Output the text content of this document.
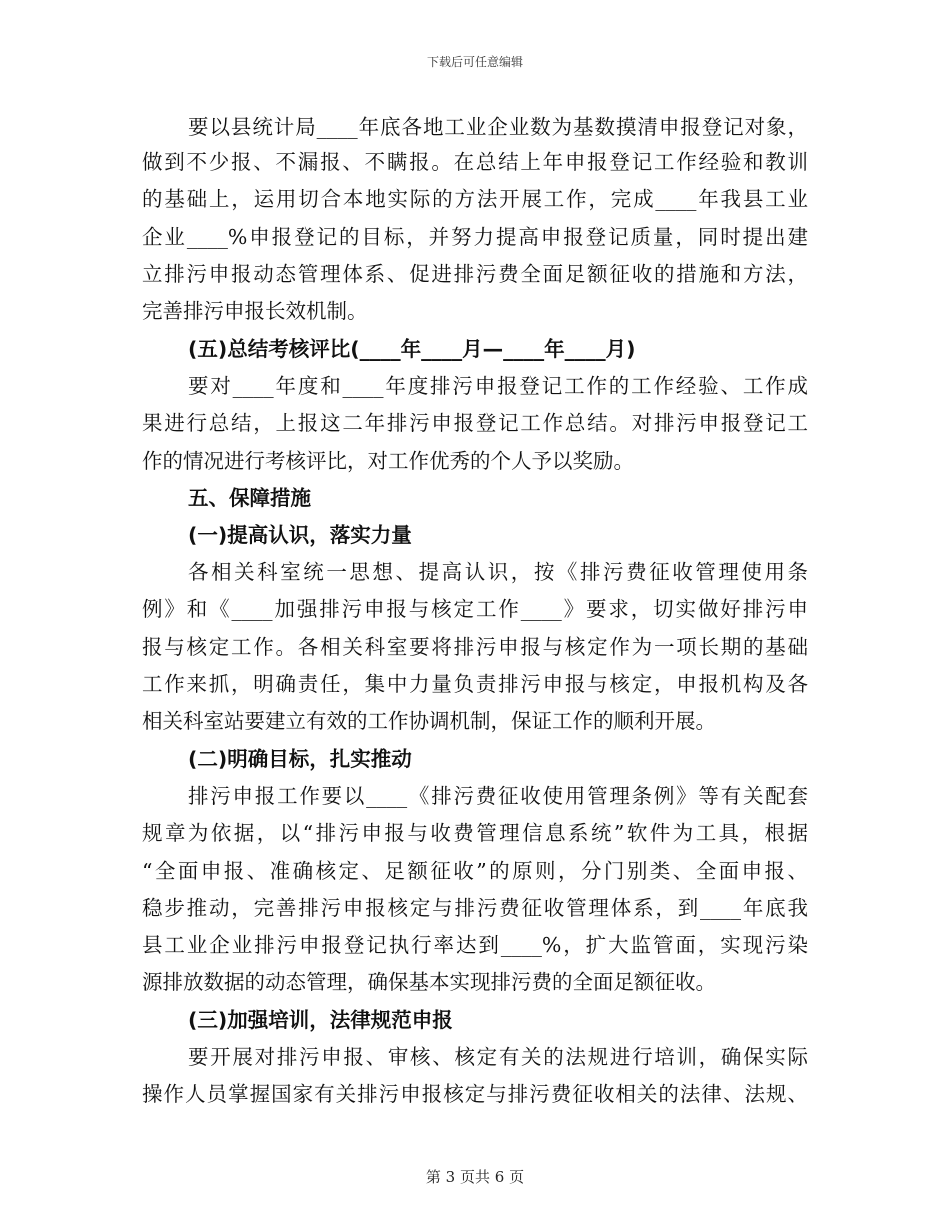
下载后可任意编辑
要以县统计局____年底各地工业企业数为基数摸清申报登记对象，
做到不少报、不漏报、不瞒报。在总结上年申报登记工作经验和教训
的基础上，运用切合本地实际的方法开展工作，完成____年我县工业
企业____%申报登记的目标，并努力提高申报登记质量，同时提出建
立排污申报动态管理体系、促进排污费全面足额征收的措施和方法，
完善排污申报长效机制。
(五)总结考核评比(____年____月—____年____月)
要对____年度和____年度排污申报登记工作的工作经验、工作成
果进行总结，上报这二年排污申报登记工作总结。对排污申报登记工
作的情况进行考核评比，对工作优秀的个人予以奖励。
五、保障措施
(一)提高认识，落实力量
各相关科室统一思想、提高认识，按《排污费征收管理使用条
例》和《____加强排污申报与核定工作____》要求，切实做好排污申
报与核定工作。各相关科室要将排污申报与核定作为一项长期的基础
工作来抓，明确责任，集中力量负责排污申报与核定，申报机构及各
相关科室站要建立有效的工作协调机制，保证工作的顺利开展。
(二)明确目标，扎实推动
排污申报工作要以____《排污费征收使用管理条例》等有关配套
规章为依据，以“排污申报与收费管理信息系统”软件为工具，根据
“全面申报、准确核定、足额征收”的原则，分门别类、全面申报、
稳步推动，完善排污申报核定与排污费征收管理体系，到____年底我
县工业企业排污申报登记执行率达到____%，扩大监管面，实现污染
源排放数据的动态管理，确保基本实现排污费的全面足额征收。
(三)加强培训，法律规范申报
要开展对排污申报、审核、核定有关的法规进行培训，确保实际
操作人员掌握国家有关排污申报核定与排污费征收相关的法律、法规、
第 3 页共 6 页
